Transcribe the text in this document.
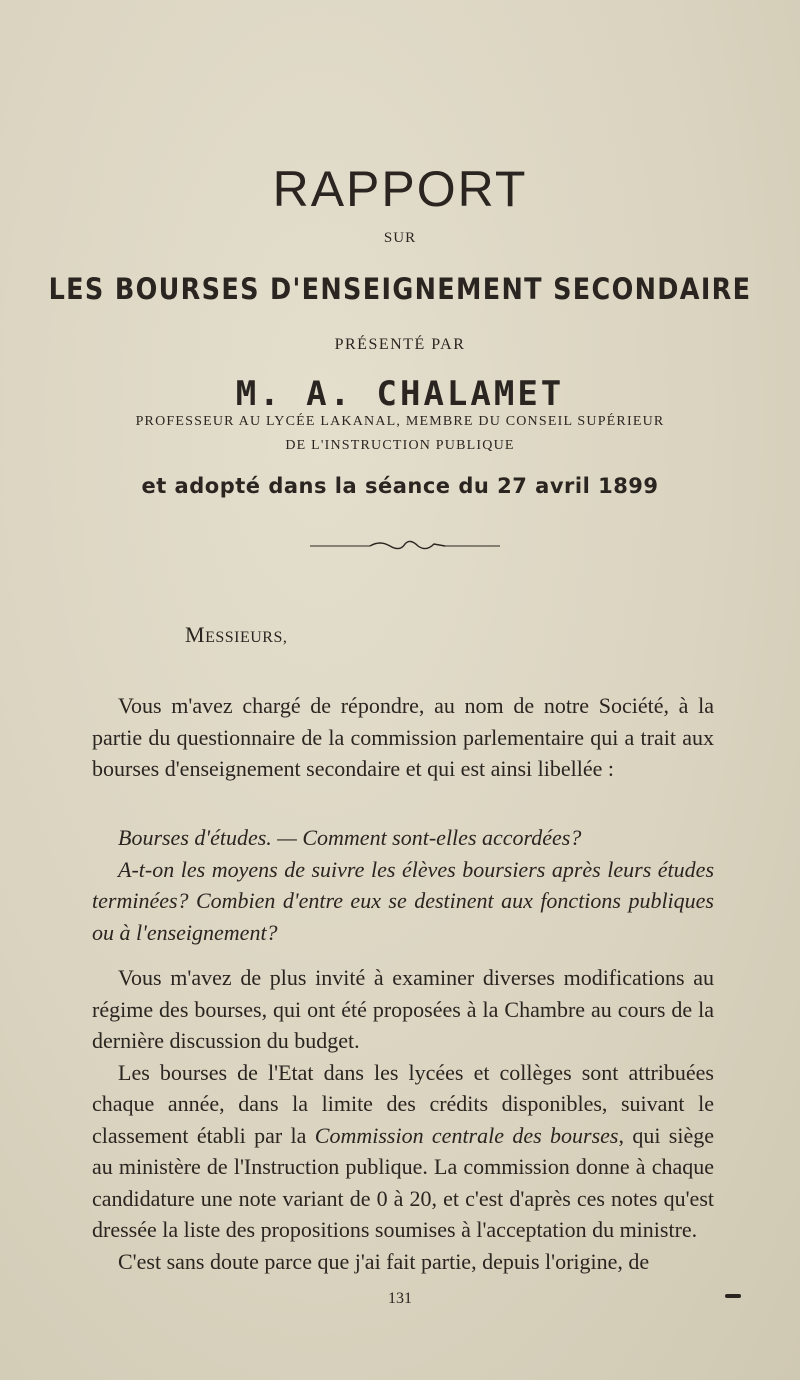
RAPPORT
SUR
LES BOURSES D'ENSEIGNEMENT SECONDAIRE
PRÉSENTÉ PAR
M. A. CHALAMET
PROFESSEUR AU LYCÉE LAKANAL, MEMBRE DU CONSEIL SUPÉRIEUR
DE L'INSTRUCTION PUBLIQUE
et adopté dans la séance du 27 avril 1899
MESSIEURS,

Vous m'avez chargé de répondre, au nom de notre Société, à la partie du questionnaire de la commission parlementaire qui a trait aux bourses d'enseignement secondaire et qui est ainsi libellée :

Bourses d'études. — Comment sont-elles accordées?

A-t-on les moyens de suivre les élèves boursiers après leurs études terminées? Combien d'entre eux se destinent aux fonctions publiques ou à l'enseignement?

Vous m'avez de plus invité à examiner diverses modifications au régime des bourses, qui ont été proposées à la Chambre au cours de la dernière discussion du budget.

Les bourses de l'Etat dans les lycées et collèges sont attribuées chaque année, dans la limite des crédits disponibles, suivant le classement établi par la Commission centrale des bourses, qui siège au ministère de l'Instruction publique. La commission donne à chaque candidature une note variant de 0 à 20, et c'est d'après ces notes qu'est dressée la liste des propositions soumises à l'acceptation du ministre.

C'est sans doute parce que j'ai fait partie, depuis l'origine, de

131
